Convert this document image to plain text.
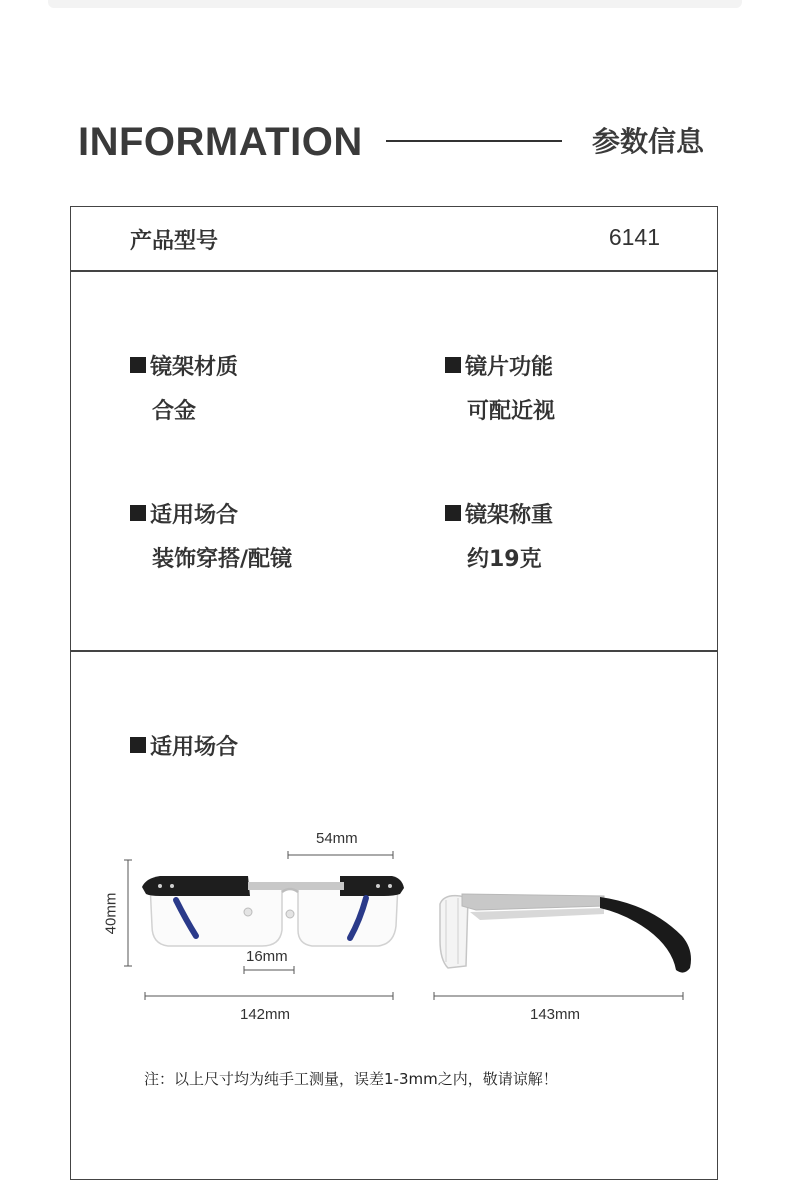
INFORMATION	参数信息
产品型号	6141
镜架材质
合金
镜片功能
可配近视
适用场合
装饰穿搭/配镜
镜架称重
约19克
适用场合
54mm
40mm
16mm
142mm	143mm
注：以上尺寸均为纯手工测量，误差1-3mm之内，敬请谅解！
